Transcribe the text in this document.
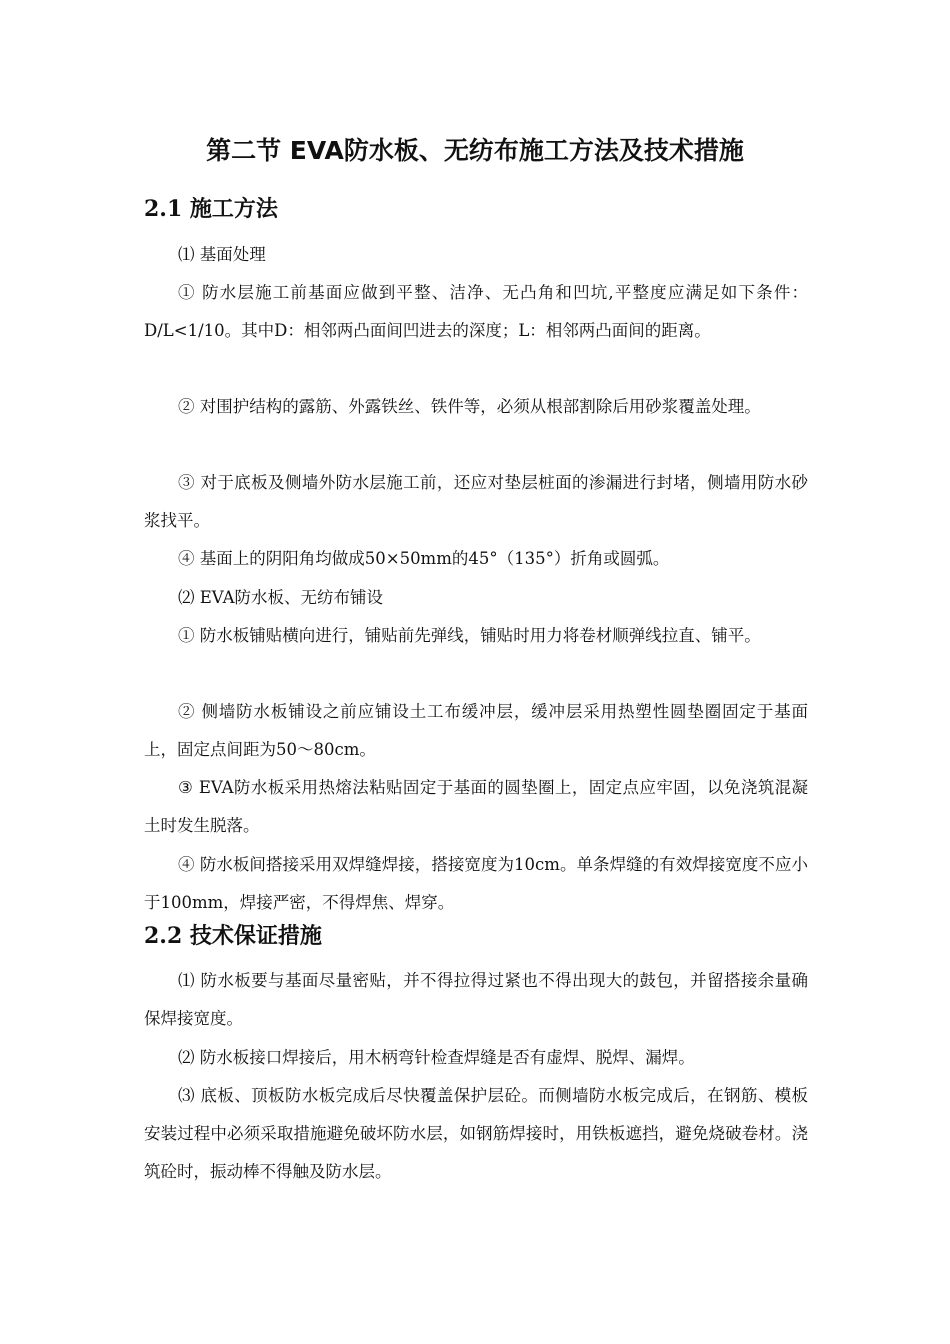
第二节 EVA防水板、无纺布施工方法及技术措施
2.1 施工方法

⑴ 基面处理

① 防水层施工前基面应做到平整、洁净、无凸角和凹坑,平整度应满足如下条件：D/L<1/10。其中D：相邻两凸面间凹进去的深度；L：相邻两凸面间的距离。

② 对围护结构的露筋、外露铁丝、铁件等，必须从根部割除后用砂浆覆盖处理。

③ 对于底板及侧墙外防水层施工前，还应对垫层桩面的渗漏进行封堵，侧墙用防水砂浆找平。

④ 基面上的阴阳角均做成50×50mm的45°（135°）折角或圆弧。

⑵ EVA防水板、无纺布铺设

① 防水板铺贴横向进行，铺贴前先弹线，铺贴时用力将卷材顺弹线拉直、铺平。

② 侧墙防水板铺设之前应铺设土工布缓冲层，缓冲层采用热塑性圆垫圈固定于基面上，固定点间距为50～80cm。

③ EVA防水板采用热熔法粘贴固定于基面的圆垫圈上，固定点应牢固，以免浇筑混凝土时发生脱落。

④ 防水板间搭接采用双焊缝焊接，搭接宽度为10cm。单条焊缝的有效焊接宽度不应小于100mm，焊接严密，不得焊焦、焊穿。

2.2 技术保证措施

⑴ 防水板要与基面尽量密贴，并不得拉得过紧也不得出现大的鼓包，并留搭接余量确保焊接宽度。

⑵ 防水板接口焊接后，用木柄弯针检查焊缝是否有虚焊、脱焊、漏焊。

⑶ 底板、顶板防水板完成后尽快覆盖保护层砼。而侧墙防水板完成后，在钢筋、模板安装过程中必须采取措施避免破坏防水层，如钢筋焊接时，用铁板遮挡，避免烧破卷材。浇筑砼时，振动棒不得触及防水层。
